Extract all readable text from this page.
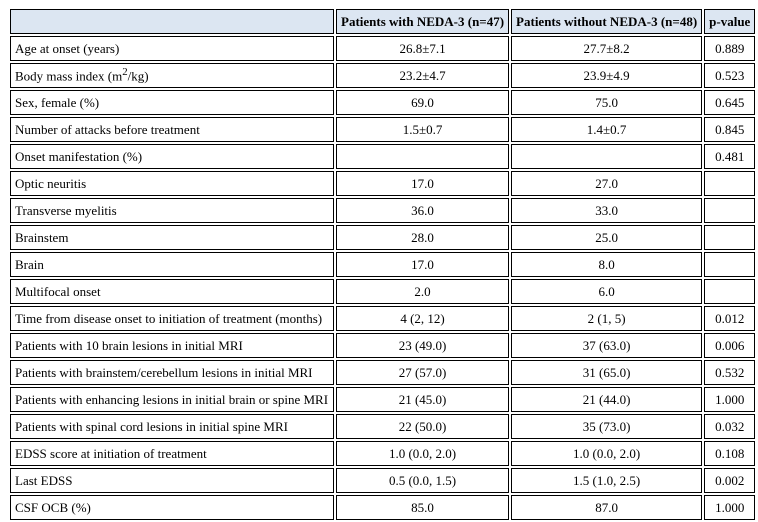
	Patients with NEDA-3 (n=47)	Patients without NEDA-3 (n=48)	p-value
Age at onset (years)	26.8±7.1	27.7±8.2	0.889
Body mass index $(m^2/kg)$	23.2±4.7	23.9±4.9	0.523
Sex, female (%)	69.0	75.0	0.645
Number of attacks before treatment	1.5±0.7	1.4±0.7	0.845
Onset manifestation (%)			0.481
Optic neuritis	17.0	27.0	
Transverse myelitis	36.0	33.0	
Brainstem	28.0	25.0	
Brain	17.0	8.0	
Multifocal onset	2.0	6.0	
Time from disease onset to initiation of treatment (months)	4 (2, 12)	2 (1, 5)	0.012
Patients with 10 brain lesions in initial MRI	23 (49.0)	37 (63.0)	0.006
Patients with brainstem/cerebellum lesions in initial MRI	27 (57.0)	31 (65.0)	0.532
Patients with enhancing lesions in initial brain or spine MRI	21 (45.0)	21 (44.0)	1.000
Patients with spinal cord lesions in initial spine MRI	22 (50.0)	35 (73.0)	0.032
EDSS score at initiation of treatment	1.0 (0.0, 2.0)	1.0 (0.0, 2.0)	0.108
Last EDSS	0.5 (0.0, 1.5)	1.5 (1.0, 2.5)	0.002
CSF OCB (%)	85.0	87.0	1.000
